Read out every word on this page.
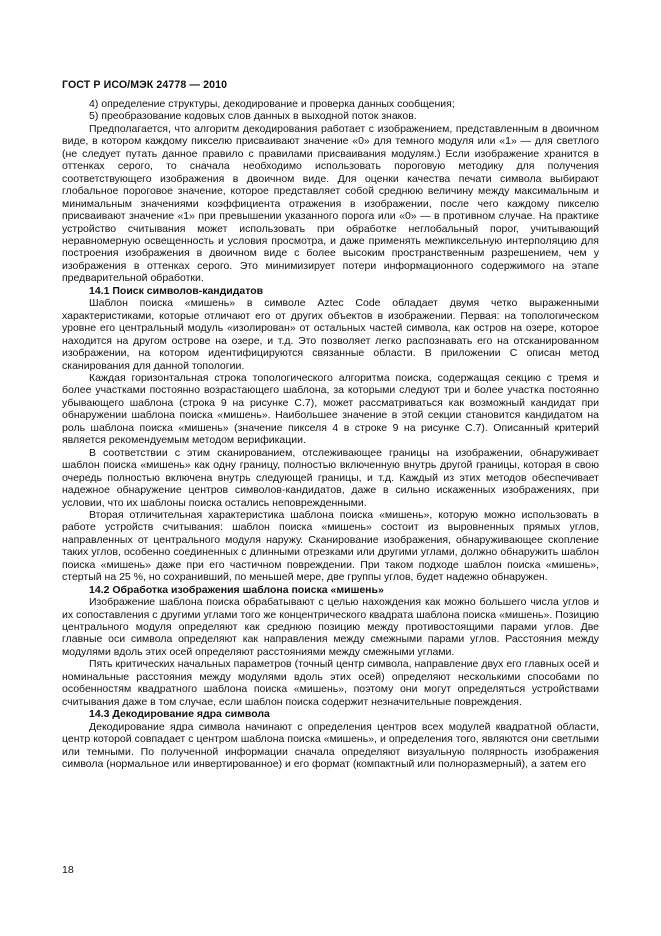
ГОСТ Р ИСО/МЭК 24778 — 2010

4) определение структуры, декодирование и проверка данных сообщения;

5) преобразование кодовых слов данных в выходной поток знаков.

Предполагается, что алгоритм декодирования работает с изображением, представленным в двоичном виде, в котором каждому пикселю присваивают значение «0» для темного модуля или «1» — для светлого (не следует путать данное правило с правилами присваивания модулям.) Если изображение хранится в оттенках серого, то сначала необходимо использовать пороговую методику для получения соответствующего изображения в двоичном виде. Для оценки качества печати символа выбирают глобальное пороговое значение, которое представляет собой среднюю величину между максимальным и минимальным значениями коэффициента отражения в изображении, после чего каждому пикселю присваивают значение «1» при превышении указанного порога или «0» — в противном случае. На практике устройство считывания может использовать при обработке неглобальный порог, учитывающий неравномерную освещенность и условия просмотра, и даже применять межпиксельную интерполяцию для построения изображения в двоичном виде с более высоким пространственным разрешением, чем у изображения в оттенках серого. Это минимизирует потери информационного содержимого на этапе предварительной обработки.

14.1 Поиск символов-кандидатов

Шаблон поиска «мишень» в символе Aztec Code обладает двумя четко выраженными характеристиками, которые отличают его от других объектов в изображении. Первая: на топологическом уровне его центральный модуль «изолирован» от остальных частей символа, как остров на озере, которое находится на другом острове на озере, и т.д. Это позволяет легко распознавать его на отсканированном изображении, на котором идентифицируются связанные области. В приложении С описан метод сканирования для данной топологии.

Каждая горизонтальная строка топологического алгоритма поиска, содержащая секцию с тремя и более участками постоянно возрастающего шаблона, за которыми следуют три и более участка постоянно убывающего шаблона (строка 9 на рисунке С.7), может рассматриваться как возможный кандидат при обнаружении шаблона поиска «мишень». Наибольшее значение в этой секции становится кандидатом на роль шаблона поиска «мишень» (значение пикселя 4 в строке 9 на рисунке С.7). Описанный критерий является рекомендуемым методом верификации.

В соответствии с этим сканированием, отслеживающее границы на изображении, обнаруживает шаблон поиска «мишень» как одну границу, полностью включенную внутрь другой границы, которая в свою очередь полностью включена внутрь следующей границы, и т.д. Каждый из этих методов обеспечивает надежное обнаружение центров символов-кандидатов, даже в сильно искаженных изображениях, при условии, что их шаблоны поиска остались неповрежденными.

Вторая отличительная характеристика шаблона поиска «мишень», которую можно использовать в работе устройств считывания: шаблон поиска «мишень» состоит из выровненных прямых углов, направленных от центрального модуля наружу. Сканирование изображения, обнаруживающее скопление таких углов, особенно соединенных с длинными отрезками или другими углами, должно обнаружить шаблон поиска «мишень» даже при его частичном повреждении. При таком подходе шаблон поиска «мишень», стертый на 25 %, но сохранивший, по меньшей мере, две группы углов, будет надежно обнаружен.

14.2 Обработка изображения шаблона поиска «мишень»

Изображение шаблона поиска обрабатывают с целью нахождения как можно большего числа углов и их сопоставления с другими углами того же концентрического квадрата шаблона поиска «мишень». Позицию центрального модуля определяют как среднюю позицию между противостоящими парами углов. Две главные оси символа определяют как направления между смежными парами углов. Расстояния между модулями вдоль этих осей определяют расстояниями между смежными углами.

Пять критических начальных параметров (точный центр символа, направление двух его главных осей и номинальные расстояния между модулями вдоль этих осей) определяют несколькими способами по особенностям квадратного шаблона поиска «мишень», поэтому они могут определяться устройствами считывания даже в том случае, если шаблон поиска содержит незначительные повреждения.

14.3 Декодирование ядра символа

Декодирование ядра символа начинают с определения центров всех модулей квадратной области, центр которой совпадает с центром шаблона поиска «мишень», и определения того, являются они светлыми или темными. По полученной информации сначала определяют визуальную полярность изображения символа (нормальное или инвертированное) и его формат (компактный или полноразмерный), а затем его

18
